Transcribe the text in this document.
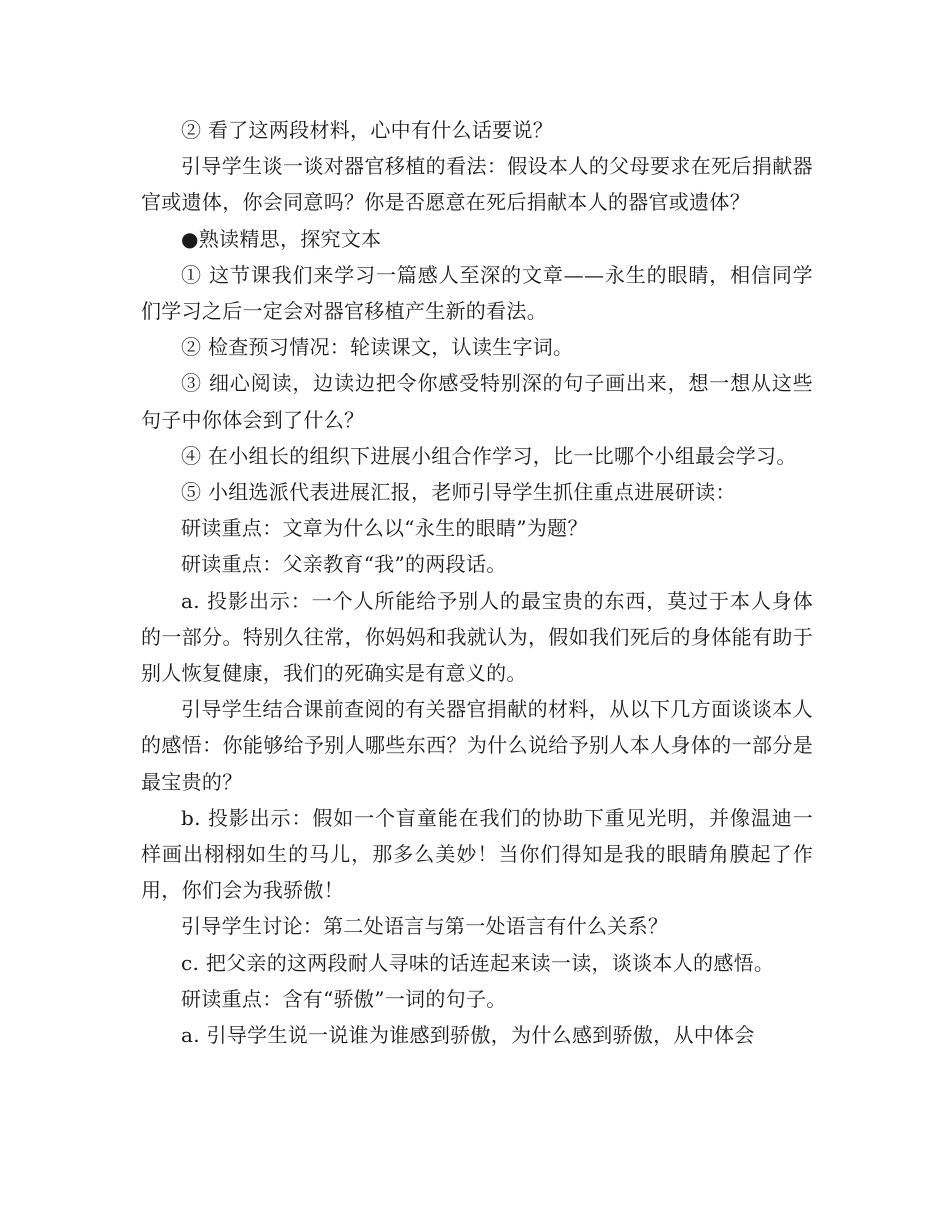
② 看了这两段材料，心中有什么话要说？

引导学生谈一谈对器官移植的看法：假设本人的父母要求在死后捐献器官或遗体，你会同意吗？你是否愿意在死后捐献本人的器官或遗体？

●熟读精思，探究文本

① 这节课我们来学习一篇感人至深的文章——永生的眼睛，相信同学们学习之后一定会对器官移植产生新的看法。

② 检查预习情况：轮读课文，认读生字词。

③ 细心阅读，边读边把令你感受特别深的句子画出来，想一想从这些句子中你体会到了什么？

④ 在小组长的组织下进展小组合作学习，比一比哪个小组最会学习。

⑤ 小组选派代表进展汇报，老师引导学生抓住重点进展研读：

研读重点：文章为什么以“永生的眼睛”为题？

研读重点：父亲教育“我”的两段话。

a. 投影出示：一个人所能给予别人的最宝贵的东西，莫过于本人身体的一部分。特别久往常，你妈妈和我就认为，假如我们死后的身体能有助于别人恢复健康，我们的死确实是有意义的。

引导学生结合课前查阅的有关器官捐献的材料，从以下几方面谈谈本人的感悟：你能够给予别人哪些东西？为什么说给予别人本人身体的一部分是最宝贵的？

b. 投影出示：假如一个盲童能在我们的协助下重见光明，并像温迪一样画出栩栩如生的马儿，那多么美妙！当你们得知是我的眼睛角膜起了作用，你们会为我骄傲！

引导学生讨论：第二处语言与第一处语言有什么关系？

c. 把父亲的这两段耐人寻味的话连起来读一读，谈谈本人的感悟。

研读重点：含有“骄傲”一词的句子。

a. 引导学生说一说谁为谁感到骄傲，为什么感到骄傲，从中体会
